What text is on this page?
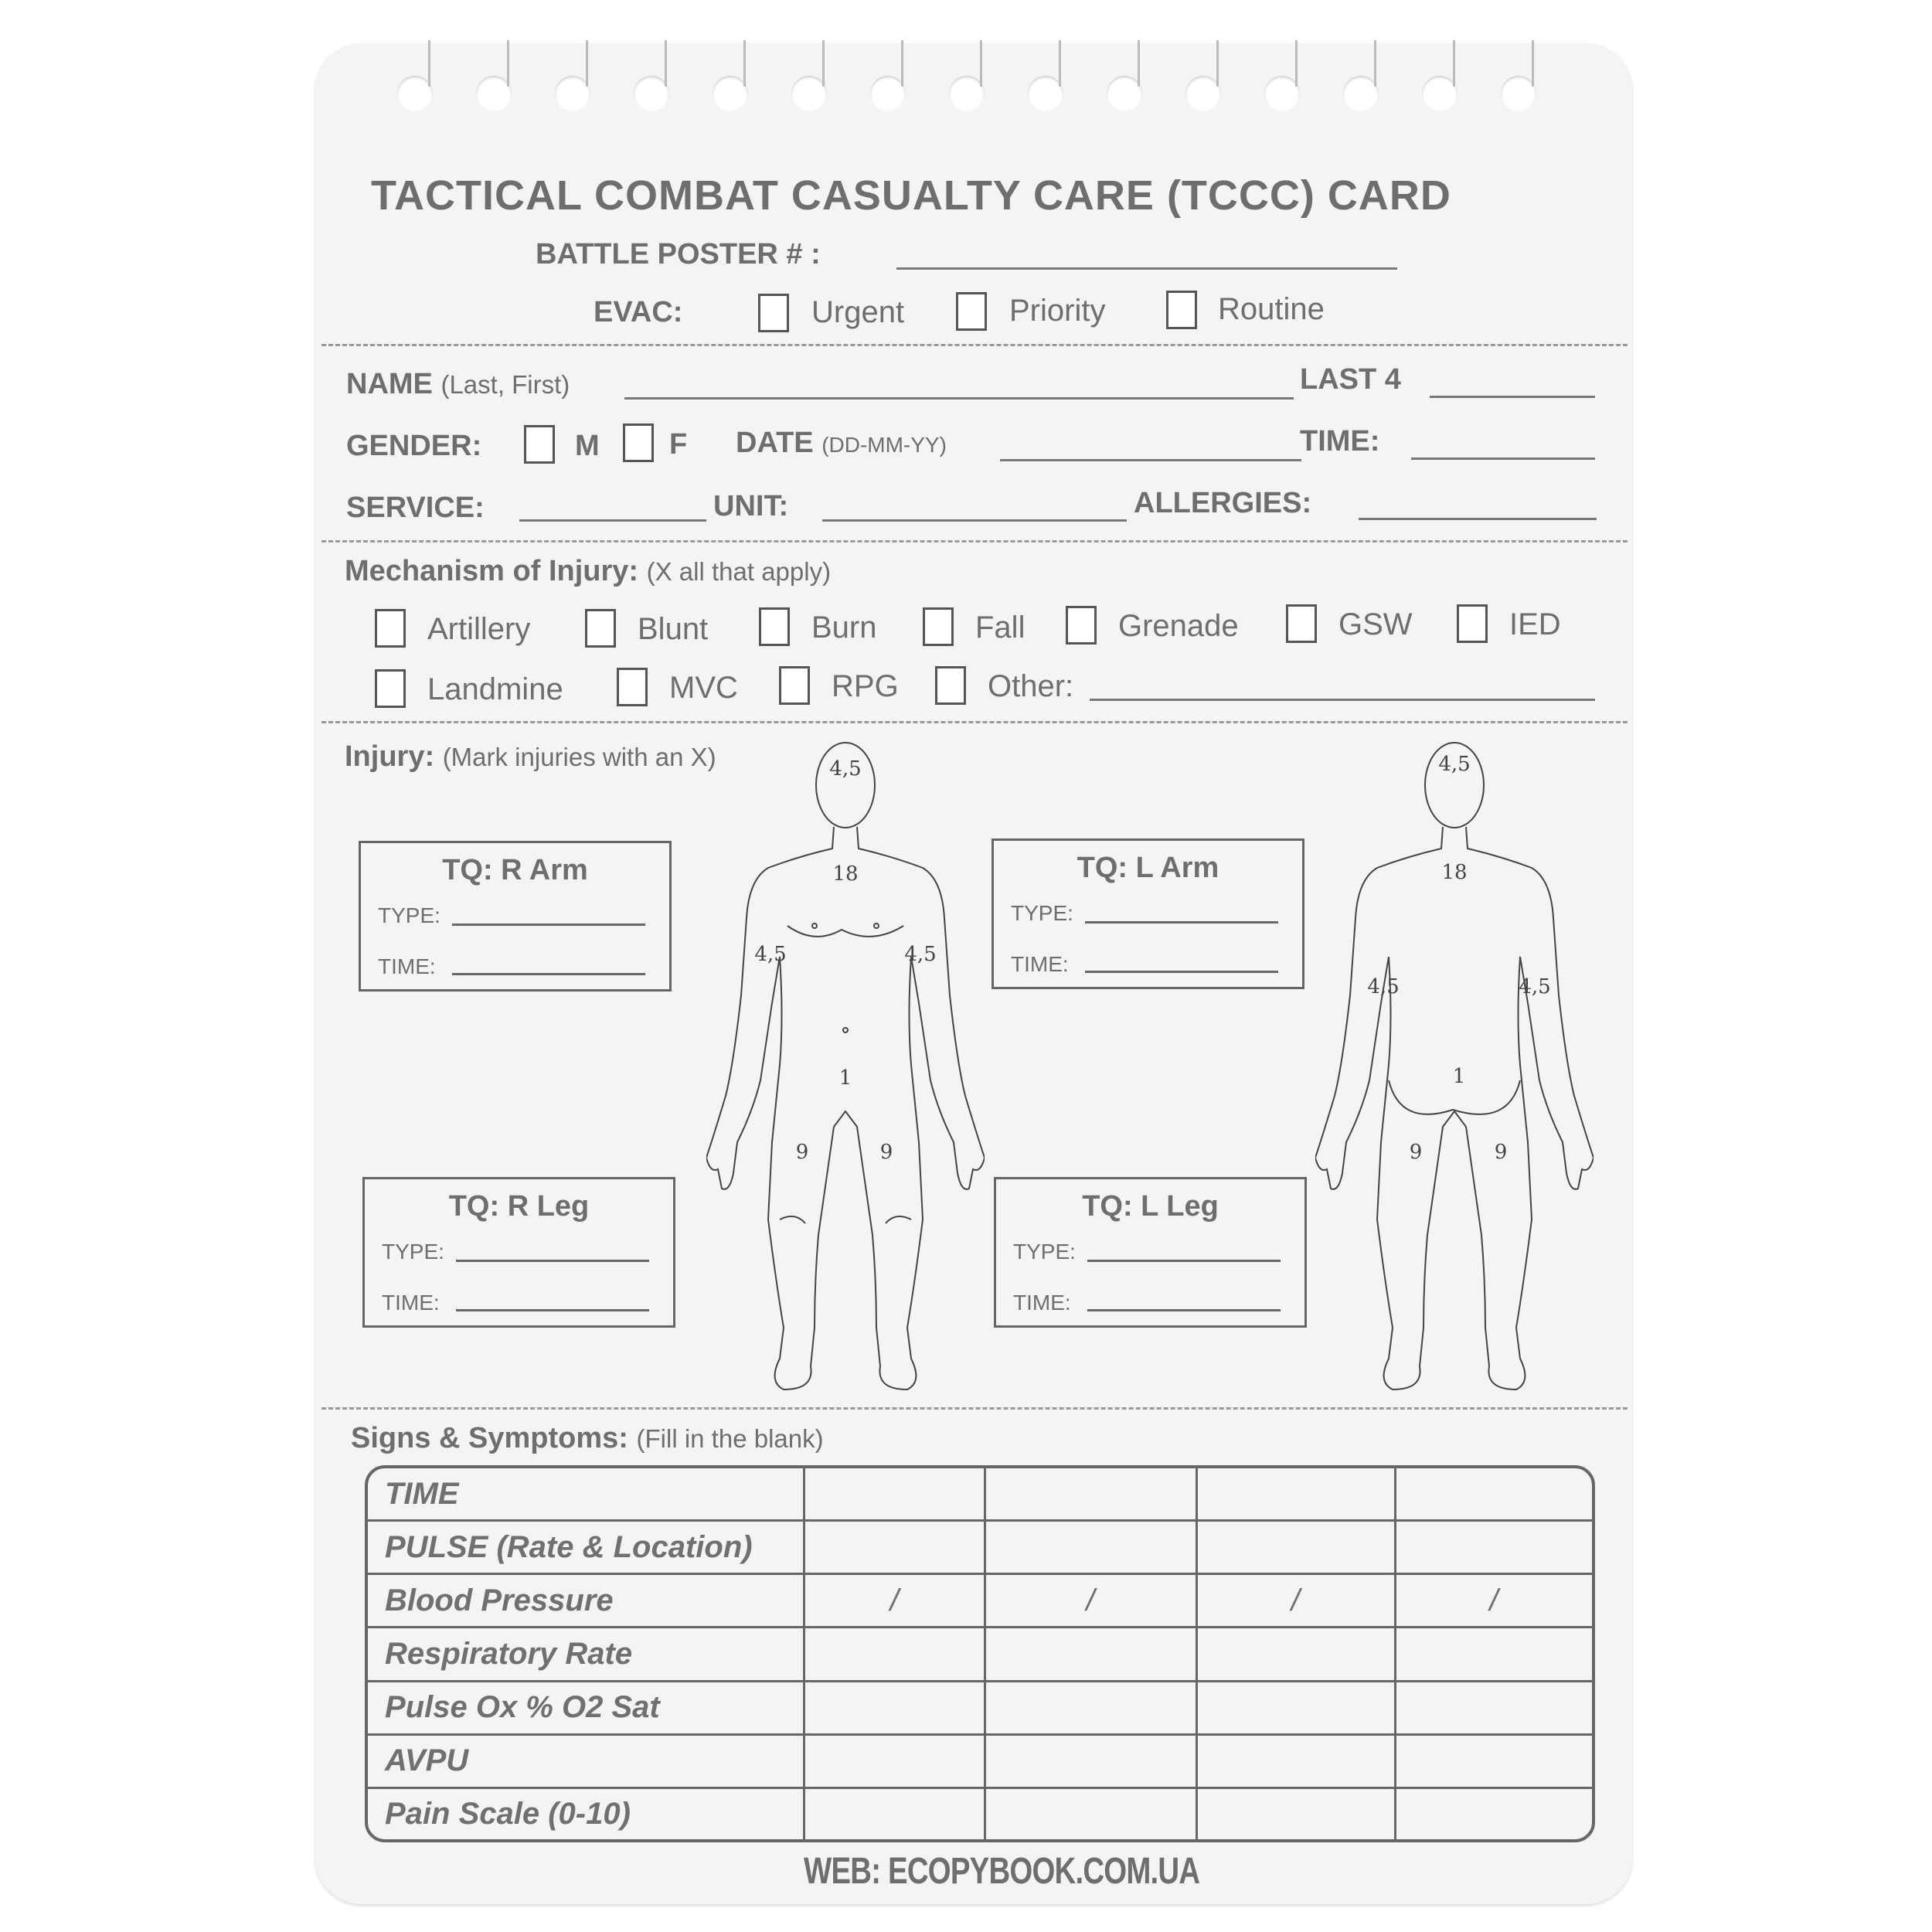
TACTICAL COMBAT CASUALTY CARE (TCCC) CARD
BATTLE POSTER # :
EVAC:	Urgent	Priority	Routine
NAME (Last, First)	LAST 4
GENDER:	M F DATE (DD-MM-YY)	TIME:
SERVICE:	UNIT:	ALLERGIES:
Mechanism of Injury: (X all that apply)
Artillery	Blunt	Burn	Fall	Grenade	GSW	IED
Landmine	MVC	RPG	Other:
Injury: (Mark injuries with an X)
TQ: R Arm
TYPE:
TIME:
TQ: L Arm
TYPE:
TIME:
TQ: R Leg
TYPE:
TIME:
TQ: L Leg
TYPE:
TIME:
4,5
18
4,5	4,5
1
9	9
4,5
18
4,5	4,5
1
9	9
Signs & Symptoms: (Fill in the blank)
TIME				
PULSE (Rate & Location)				
Blood Pressure	/	/	/	/
Respiratory Rate				
Pulse Ox % O2 Sat				
AVPU				
Pain Scale (0-10)				
WEB: ECOPYBOOK.COM.UA
